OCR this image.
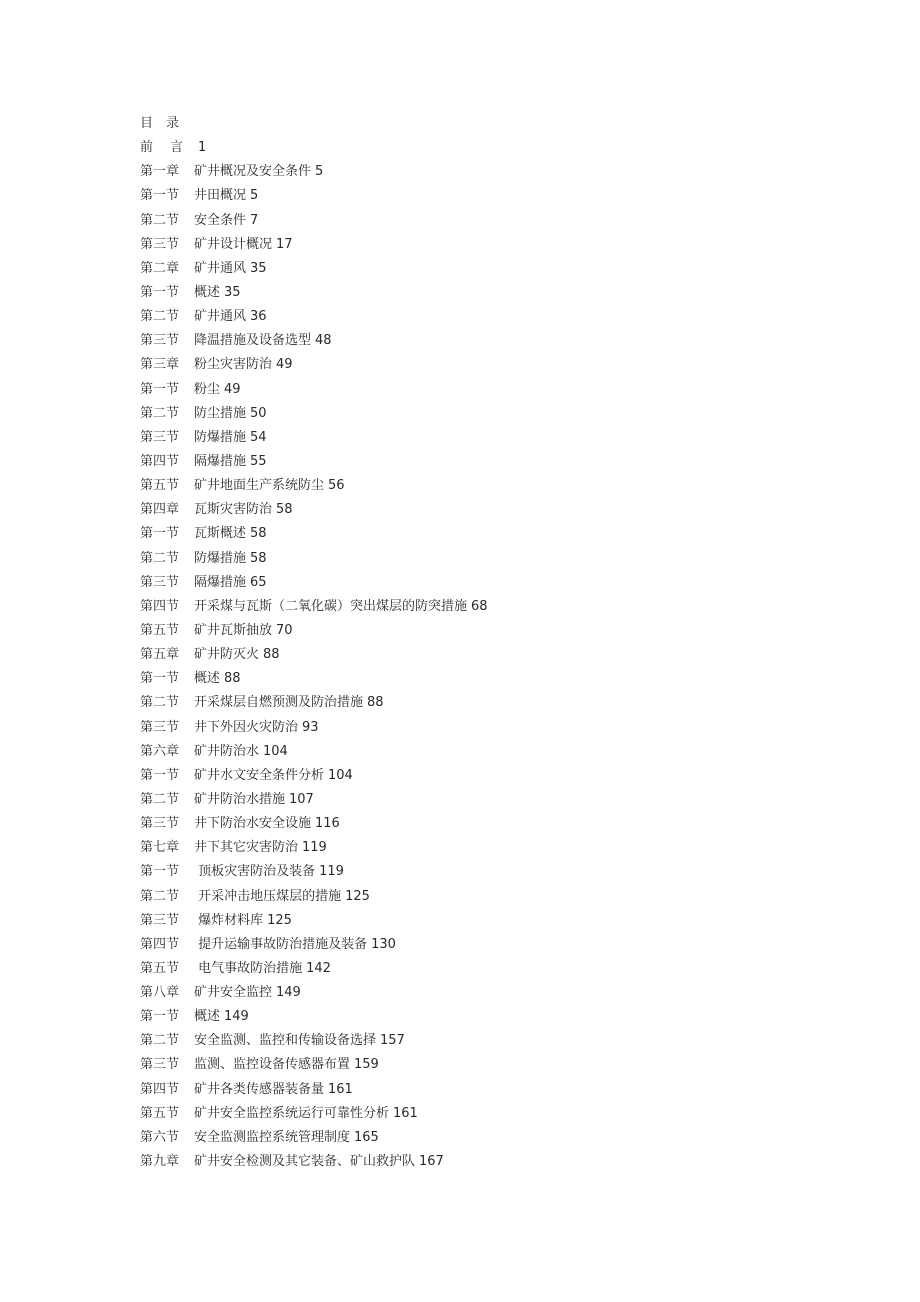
目　录
前　 言 1
第一章 矿井概况及安全条件 5
第一节 井田概况 5
第二节 安全条件 7
第三节 矿井设计概况 17
第二章 矿井通风 35
第一节 概述 35
第二节 矿井通风 36
第三节 降温措施及设备选型 48
第三章 粉尘灾害防治 49
第一节 粉尘 49
第二节 防尘措施 50
第三节 防爆措施 54
第四节 隔爆措施 55
第五节 矿井地面生产系统防尘 56
第四章 瓦斯灾害防治 58
第一节 瓦斯概述 58
第二节 防爆措施 58
第三节 隔爆措施 65
第四节 开采煤与瓦斯（二氧化碳）突出煤层的防突措施 68
第五节 矿井瓦斯抽放 70
第五章 矿井防灭火 88
第一节 概述 88
第二节 开采煤层自燃预测及防治措施 88
第三节 井下外因火灾防治 93
第六章 矿井防治水 104
第一节 矿井水文安全条件分析 104
第二节 矿井防治水措施 107
第三节 井下防治水安全设施 116
第七章 井下其它灾害防治 119
第一节 顶板灾害防治及装备 119
第二节 开采冲击地压煤层的措施 125
第三节 爆炸材料库 125
第四节 提升运输事故防治措施及装备 130
第五节 电气事故防治措施 142
第八章 矿井安全监控 149
第一节 概述 149
第二节 安全监测、监控和传输设备选择 157
第三节 监测、监控设备传感器布置 159
第四节 矿井各类传感器装备量 161
第五节 矿井安全监控系统运行可靠性分析 161
第六节 安全监测监控系统管理制度 165
第九章 矿井安全检测及其它装备、矿山救护队 167
